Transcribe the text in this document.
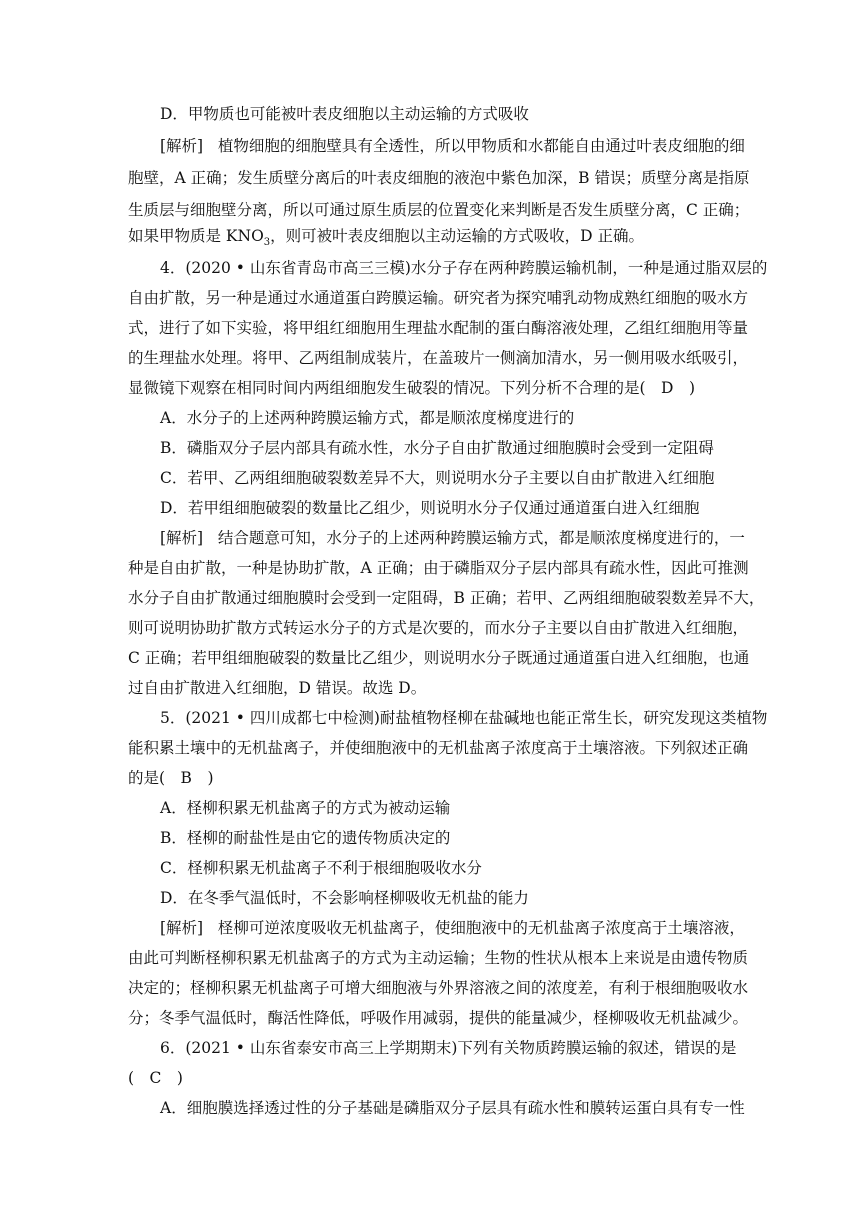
D．甲物质也可能被叶表皮细胞以主动运输的方式吸收
[解析] 植物细胞的细胞壁具有全透性，所以甲物质和水都能自由通过叶表皮细胞的细
胞壁，A 正确；发生质壁分离后的叶表皮细胞的液泡中紫色加深，B 错误；质壁分离是指原
生质层与细胞壁分离，所以可通过原生质层的位置变化来判断是否发生质壁分离，C 正确；
如果甲物质是 $KNO_3$，则可被叶表皮细胞以主动运输的方式吸收，D 正确。
4．(2020 • 山东省青岛市高三三模)水分子存在两种跨膜运输机制，一种是通过脂双层的
自由扩散，另一种是通过水通道蛋白跨膜运输。研究者为探究哺乳动物成熟红细胞的吸水方
式，进行了如下实验，将甲组红细胞用生理盐水配制的蛋白酶溶液处理，乙组红细胞用等量
的生理盐水处理。将甲、乙两组制成装片，在盖玻片一侧滴加清水，另一侧用吸水纸吸引，
显微镜下观察在相同时间内两组细胞发生破裂的情况。下列分析不合理的是(　D　)
A．水分子的上述两种跨膜运输方式，都是顺浓度梯度进行的
B．磷脂双分子层内部具有疏水性，水分子自由扩散通过细胞膜时会受到一定阻碍
C．若甲、乙两组细胞破裂数差异不大，则说明水分子主要以自由扩散进入红细胞
D．若甲组细胞破裂的数量比乙组少，则说明水分子仅通过通道蛋白进入红细胞
[解析] 结合题意可知，水分子的上述两种跨膜运输方式，都是顺浓度梯度进行的，一
种是自由扩散，一种是协助扩散，A 正确；由于磷脂双分子层内部具有疏水性，因此可推测
水分子自由扩散通过细胞膜时会受到一定阻碍，B 正确；若甲、乙两组细胞破裂数差异不大，
则可说明协助扩散方式转运水分子的方式是次要的，而水分子主要以自由扩散进入红细胞，
C 正确；若甲组细胞破裂的数量比乙组少，则说明水分子既通过通道蛋白进入红细胞，也通
过自由扩散进入红细胞，D 错误。故选 D。
5．(2021 • 四川成都七中检测)耐盐植物柽柳在盐碱地也能正常生长，研究发现这类植物
能积累土壤中的无机盐离子，并使细胞液中的无机盐离子浓度高于土壤溶液。下列叙述正确
的是(　B　)
A．柽柳积累无机盐离子的方式为被动运输
B．柽柳的耐盐性是由它的遗传物质决定的
C．柽柳积累无机盐离子不利于根细胞吸收水分
D．在冬季气温低时，不会影响柽柳吸收无机盐的能力
[解析] 柽柳可逆浓度吸收无机盐离子，使细胞液中的无机盐离子浓度高于土壤溶液，
由此可判断柽柳积累无机盐离子的方式为主动运输；生物的性状从根本上来说是由遗传物质
决定的；柽柳积累无机盐离子可增大细胞液与外界溶液之间的浓度差，有利于根细胞吸收水
分；冬季气温低时，酶活性降低，呼吸作用减弱，提供的能量减少，柽柳吸收无机盐减少。
6．(2021 • 山东省泰安市高三上学期期末)下列有关物质跨膜运输的叙述，错误的是
(　C　)
A．细胞膜选择透过性的分子基础是磷脂双分子层具有疏水性和膜转运蛋白具有专一性
